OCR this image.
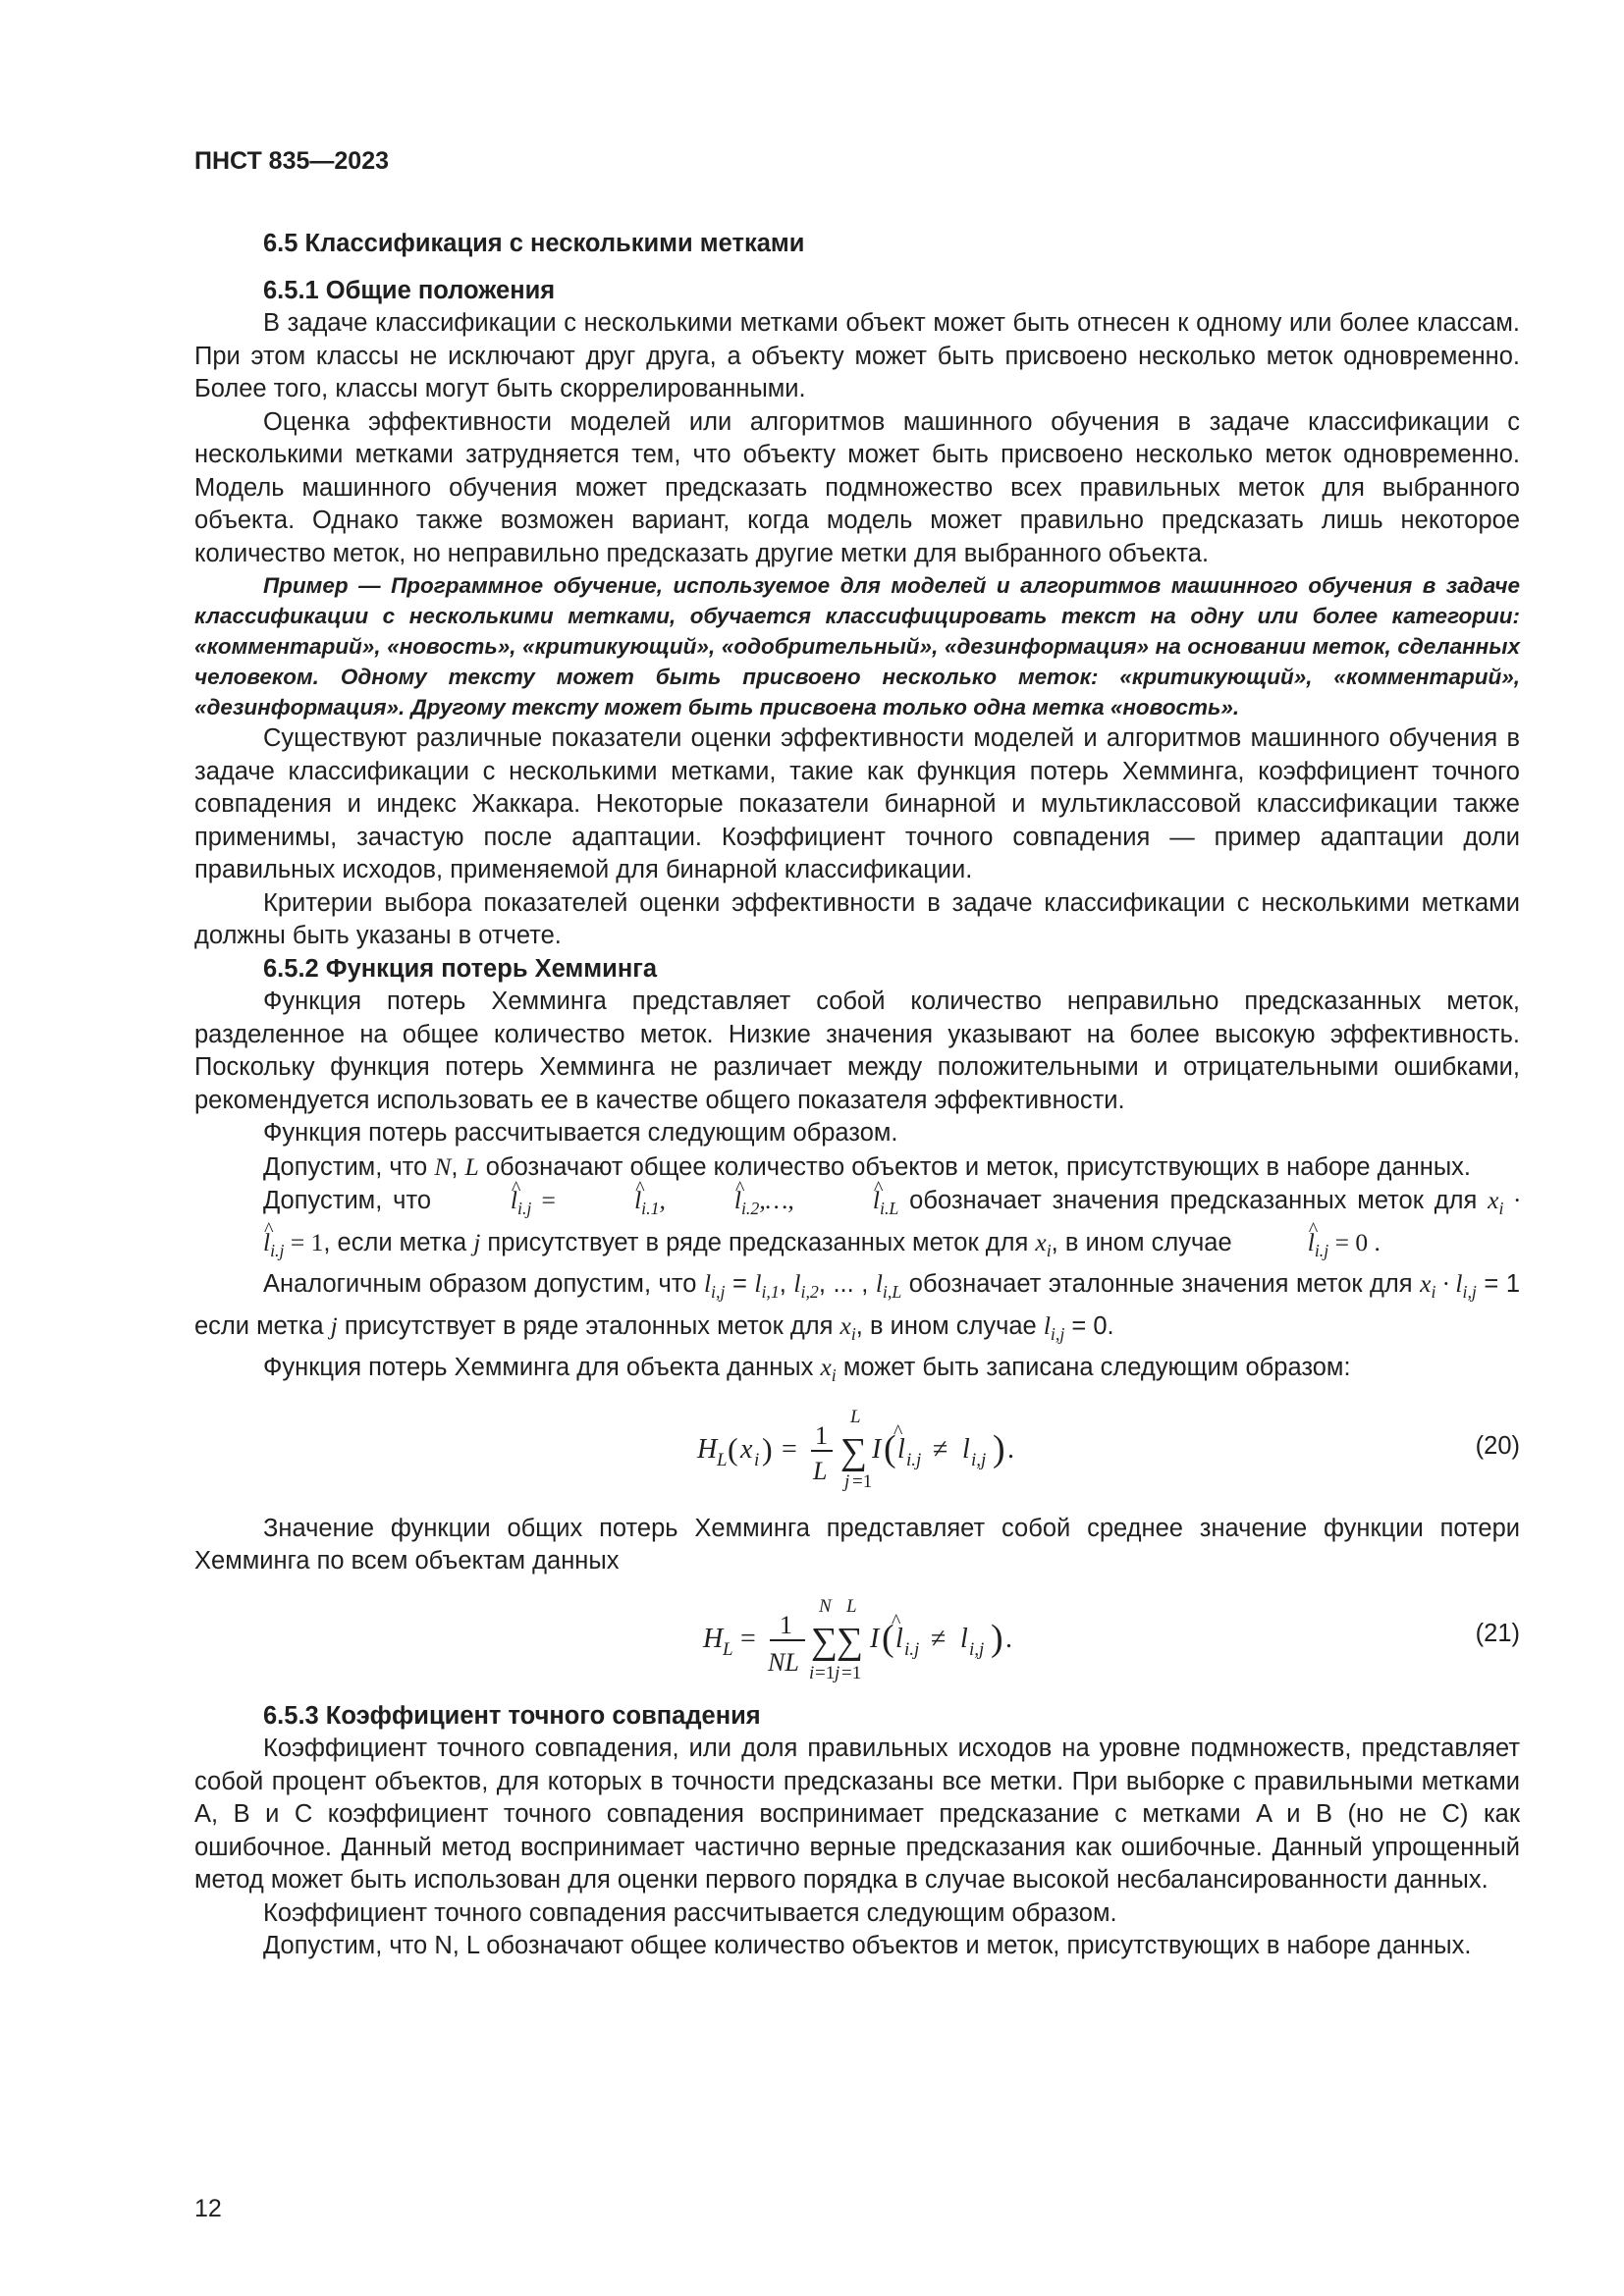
ПНСТ 835—2023
6.5 Классификация с несколькими метками
6.5.1 Общие положения

В задаче классификации с несколькими метками объект может быть отнесен к одному или более классам. При этом классы не исключают друг друга, а объекту может быть присвоено несколько меток одновременно. Более того, классы могут быть скоррелированными.

Оценка эффективности моделей или алгоритмов машинного обучения в задаче классификации с несколькими метками затрудняется тем, что объекту может быть присвоено несколько меток одновременно. Модель машинного обучения может предсказать подмножество всех правильных меток для выбранного объекта. Однако также возможен вариант, когда модель может правильно предсказать лишь некоторое количество меток, но неправильно предсказать другие метки для выбранного объекта.

Пример — Программное обучение, используемое для моделей и алгоритмов машинного обучения в задаче классификации с несколькими метками, обучается классифицировать текст на одну или более категории: «комментарий», «новость», «критикующий», «одобрительный», «дезинформация» на основании меток, сделанных человеком. Одному тексту может быть присвоено несколько меток: «критикующий», «комментарий», «дезинформация». Другому тексту может быть присвоена только одна метка «новость».

Существуют различные показатели оценки эффективности моделей и алгоритмов машинного обучения в задаче классификации с несколькими метками, такие как функция потерь Хемминга, коэффициент точного совпадения и индекс Жаккара. Некоторые показатели бинарной и мультиклассовой классификации также применимы, зачастую после адаптации. Коэффициент точного совпадения — пример адаптации доли правильных исходов, применяемой для бинарной классификации.

Критерии выбора показателей оценки эффективности в задаче классификации с несколькими метками должны быть указаны в отчете.

6.5.2 Функция потерь Хемминга

Функция потерь Хемминга представляет собой количество неправильно предсказанных меток, разделенное на общее количество меток. Низкие значения указывают на более высокую эффективность. Поскольку функция потерь Хемминга не различает между положительными и отрицательными ошибками, рекомендуется использовать ее в качестве общего показателя эффективности.

Функция потерь рассчитывается следующим образом.

Допустим, что N, L обозначают общее количество объектов и меток, присутствующих в наборе данных.

Допустим, что ^	$l_{i.j}$ = ^	$l_{i.1},\^{}$	$l_{i.2},\dots$, ^	$l_{i.L}$ обозначает значения предсказанных меток для $x_i$ · ^ $l_{i.j} = 1$, если метка j присутствует в ряде предсказанных меток для $x_i$, в ином случае ^	$l_{i.j} = 0$ .

Аналогичным образом допустим, что $l_{i,j} = l_{i,1}$, $l_{i,2}$, ... , $l_{i,L}$ обозначает эталонные значения меток для $x_i \cdot l_{i,j} = 1$ если метка j присутствует в ряде эталонных меток для $x_i$, в ином случае $l_{i,j} = 0$.

Функция потерь Хемминга для объекта данных $x_i$ может быть записана следующим образом:

H L ( x i ) = 1
L
L
∑
j =1
I ( l
^
i.j ≠ l i,j ) .	(20)

Значение функции общих потерь Хемминга представляет собой среднее значение функции потери Хемминга по всем объектам данных

H L = 1
NL
N
∑
i =1
L
∑
j =1
I ( l
^
i.j ≠ l i,j ) .	(21)
6.5.3 Коэффициент точного совпадения

Коэффициент точного совпадения, или доля правильных исходов на уровне подмножеств, представляет собой процент объектов, для которых в точности предсказаны все метки. При выборке с правильными метками A, B и C коэффициент точного совпадения воспринимает предсказание с метками A и B (но не C) как ошибочное. Данный метод воспринимает частично верные предсказания как ошибочные. Данный упрощенный метод может быть использован для оценки первого порядка в случае высокой несбалансированности данных.

Коэффициент точного совпадения рассчитывается следующим образом.

Допустим, что N, L обозначают общее количество объектов и меток, присутствующих в наборе данных.

12
